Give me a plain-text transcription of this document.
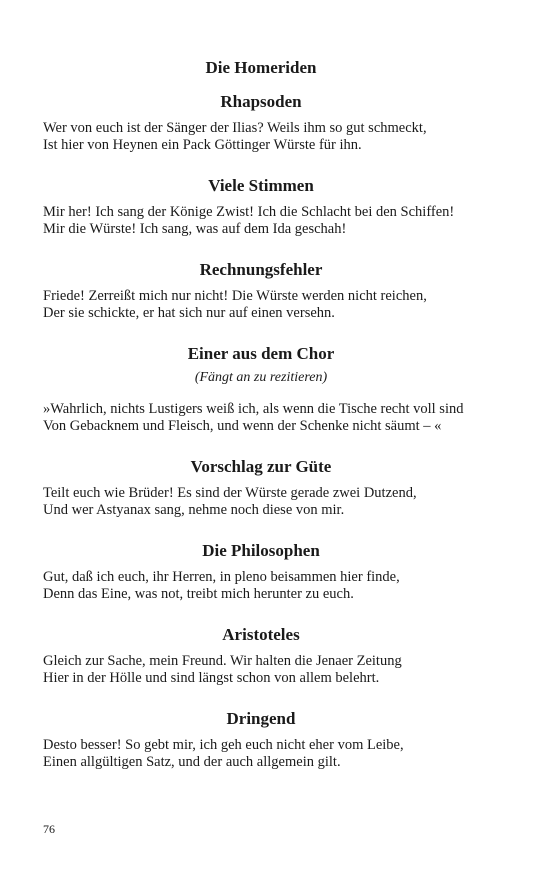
Die Homeriden
Rhapsoden

Wer von euch ist der Sänger der Ilias? Weils ihm so gut schmeckt,
Ist hier von Heynen ein Pack Göttinger Würste für ihn.

Viele Stimmen

Mir her! Ich sang der Könige Zwist! Ich die Schlacht bei den Schiffen!
Mir die Würste! Ich sang, was auf dem Ida geschah!

Rechnungsfehler

Friede! Zerreißt mich nur nicht! Die Würste werden nicht reichen,
Der sie schickte, er hat sich nur auf einen versehn.

Einer aus dem Chor
(Fängt an zu rezitieren)

»Wahrlich, nichts Lustigers weiß ich, als wenn die Tische recht voll sind
Von Gebacknem und Fleisch, und wenn der Schenke nicht säumt – «

Vorschlag zur Güte

Teilt euch wie Brüder! Es sind der Würste gerade zwei Dutzend,
Und wer Astyanax sang, nehme noch diese von mir.

Die Philosophen

Gut, daß ich euch, ihr Herren, in pleno beisammen hier finde,
Denn das Eine, was not, treibt mich herunter zu euch.

Aristoteles

Gleich zur Sache, mein Freund. Wir halten die Jenaer Zeitung
Hier in der Hölle und sind längst schon von allem belehrt.

Dringend

Desto besser! So gebt mir, ich geh euch nicht eher vom Leibe,
Einen allgültigen Satz, und der auch allgemein gilt.

76
